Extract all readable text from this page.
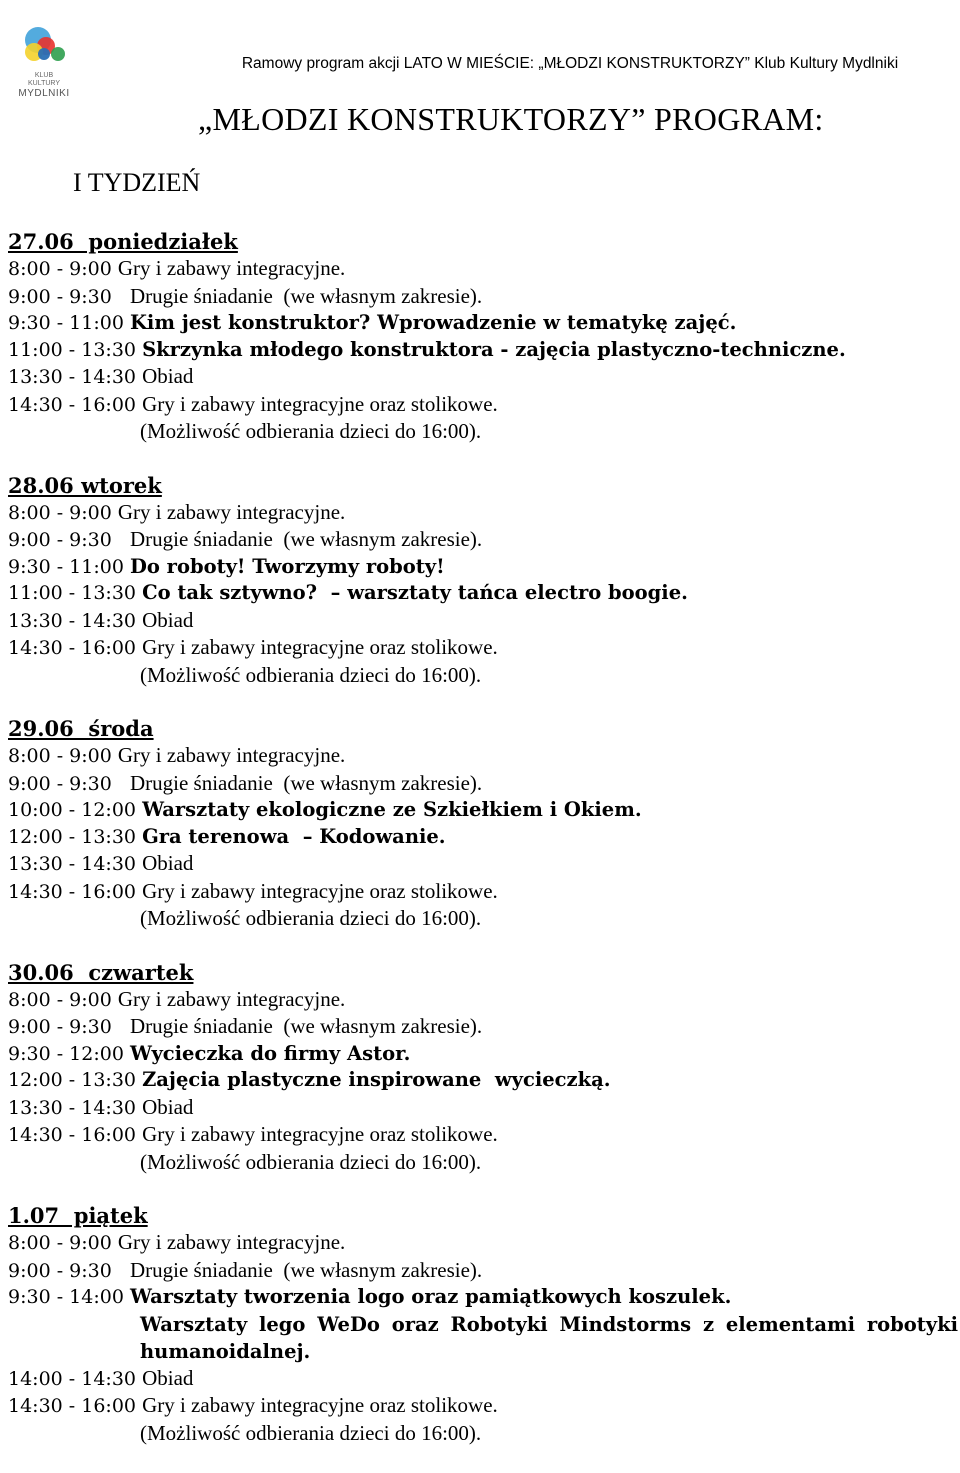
KLUB KULTURY
MYDLNIKI
Ramowy program akcji LATO W MIEŚCIE: „MŁODZI KONSTRUKTORZY” Klub Kultury Mydlniki
„MŁODZI KONSTRUKTORZY” PROGRAM:
I TYDZIEŃ
27.06  poniedziałek
8:00 - 9:00 Gry i zabawy integracyjne.
9:00 - 9:30   Drugie śniadanie  (we własnym zakresie).
9:30 - 11:00 Kim jest konstruktor? Wprowadzenie w tematykę zajęć.
11:00 - 13:30 Skrzynka młodego konstruktora - zajęcia plastyczno-techniczne.
13:30 - 14:30 Obiad
14:30 - 16:00 Gry i zabawy integracyjne oraz stolikowe.
(Możliwość odbierania dzieci do 16:00).
28.06 wtorek
8:00 - 9:00 Gry i zabawy integracyjne.
9:00 - 9:30   Drugie śniadanie  (we własnym zakresie).
9:30 - 11:00 Do roboty! Tworzymy roboty!
11:00 - 13:30 Co tak sztywno?  – warsztaty tańca electro boogie.
13:30 - 14:30 Obiad
14:30 - 16:00 Gry i zabawy integracyjne oraz stolikowe.
(Możliwość odbierania dzieci do 16:00).
29.06  środa
8:00 - 9:00 Gry i zabawy integracyjne.
9:00 - 9:30   Drugie śniadanie  (we własnym zakresie).
10:00 - 12:00 Warsztaty ekologiczne ze Szkiełkiem i Okiem.
12:00 - 13:30 Gra terenowa  – Kodowanie.
13:30 - 14:30 Obiad
14:30 - 16:00 Gry i zabawy integracyjne oraz stolikowe.
(Możliwość odbierania dzieci do 16:00).
30.06  czwartek
8:00 - 9:00 Gry i zabawy integracyjne.
9:00 - 9:30   Drugie śniadanie  (we własnym zakresie).
9:30 - 12:00 Wycieczka do firmy Astor.
12:00 - 13:30 Zajęcia plastyczne inspirowane  wycieczką.
13:30 - 14:30 Obiad
14:30 - 16:00 Gry i zabawy integracyjne oraz stolikowe.
(Możliwość odbierania dzieci do 16:00).
1.07  piątek
8:00 - 9:00 Gry i zabawy integracyjne.
9:00 - 9:30   Drugie śniadanie  (we własnym zakresie).
9:30 - 14:00 Warsztaty tworzenia logo oraz pamiątkowych koszulek.
Warsztaty lego WeDo oraz Robotyki Mindstorms z elementami robotyki humanoidalnej.
14:00 - 14:30 Obiad
14:30 - 16:00 Gry i zabawy integracyjne oraz stolikowe.
(Możliwość odbierania dzieci do 16:00).
